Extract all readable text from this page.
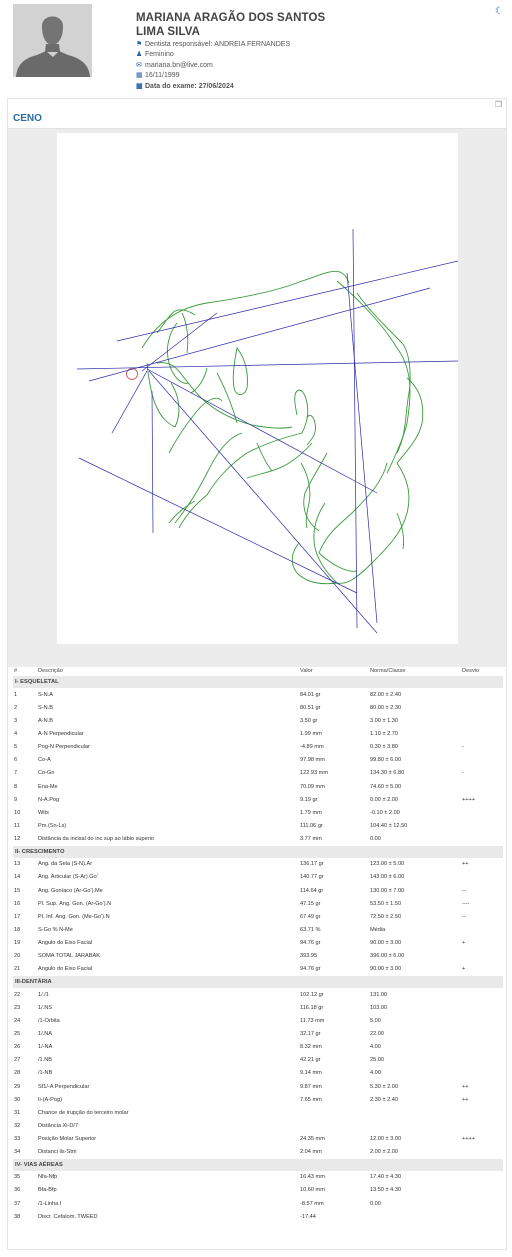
MARIANA ARAGÃO DOS SANTOS
LIMA SILVA
⚑ Dentista responsável:
ANDREIA FERNANDES
♟ Feminino
✉ mariana.bn@live.com
▦ 16/11/1999
▦ Data do exame:
27/06/2024
☾
❐
CENO
#	Descrição	Valor	Norma/Classe	Desvio
I- ESQUELETAL
1	S-N.A	84.01 gr	82.00 ± 2.40
2	S-N.B	80.51 gr	80.00 ± 2.30
3	A-N.B	3.50 gr	3.00 ± 1.30
4	A-N Perpendicular	1.99 mm	1.10 ± 2.70
5	Pog-N Perpendicular	-4.89 mm	0.30 ± 3.80	-
6	Co-A	97.98 mm	99.80 ± 6.00
7	Co-Gn	122.93 mm	134.30 ± 6.80	-
8	Ena-Me	70.09 mm	74.60 ± 5.00
9	N-A.Pog	9.19 gr	0.00 ± 2.00	++++
10	Wits	1.79 mm	-0.10 ± 2.00
11	Pm.(Sn-Ls)	111.06 gr	104.40 ± 12.50
12	Distância da incisal do inc sup ao lábio superio	3.77 mm	0.00
II- CRESCIMENTO
13	Âng. da Sela (S-N).Ar	136.17 gr	123.00 ± 5.00	++
14	Âng. Articular (S-Ar).Go'	140.77 gr	143.00 ± 6.00
15	Âng. Goníaco (Ar-Go').Me	114.64 gr	130.00 ± 7.00	--
16	Pl. Sup. Âng. Gon. (Ar-Go').N	47.15 gr	53.50 ± 1.50	----
17	Pl. Inf. Âng. Gon. (Me-Go').N	67.49 gr	72.50 ± 2.50	--
18	S-Go % N-Me	63.71 %	Média
19	Ângulo do Eixo Facial	94.76 gr	90.00 ± 3.00	+
20	SOMA TOTAL JARABAK	393.95	396.00 ± 6.00
21	Ângulo do Eixo Facial	94.76 gr	90.00 ± 3.00	+
III-DENTÁRIA
22	1/./1	102.12 gr	131.00
23	1/.NS	116.18 gr	103.00
24	/1-Orbita	11.73 mm	5.00
25	1/.NA	32.17 gr	22.00
26	1/-NA	8.32 mm	4.00
27	/1.NB	42.21 gr	25.00
28	/1-NB	9.14 mm	4.00
29	Sf1/-A Perpendicular	9.87 mm	5.30 ± 2.00	++
30	Ii-(A-Pog)	7.65 mm	2.30 ± 2.40	++
31	Chance de irupção do terceiro molar
32	Distância Xi-D/7
33	Posição Molar Superior	24.35 mm	12.00 ± 3.00	++++
34	Distanci ils-Stm	2.04 mm	2.00 ± 2.00
IV- VIAS AÉREAS
35	Nfa-Nfp	16.43 mm	17.40 ± 4.30
36	Bfa-Bfp	10.60 mm	13.50 ± 4.30
37	/1-Linha I	-8.57 mm	0.00
38	Discr. Cefalom. TWEED	-17.44
